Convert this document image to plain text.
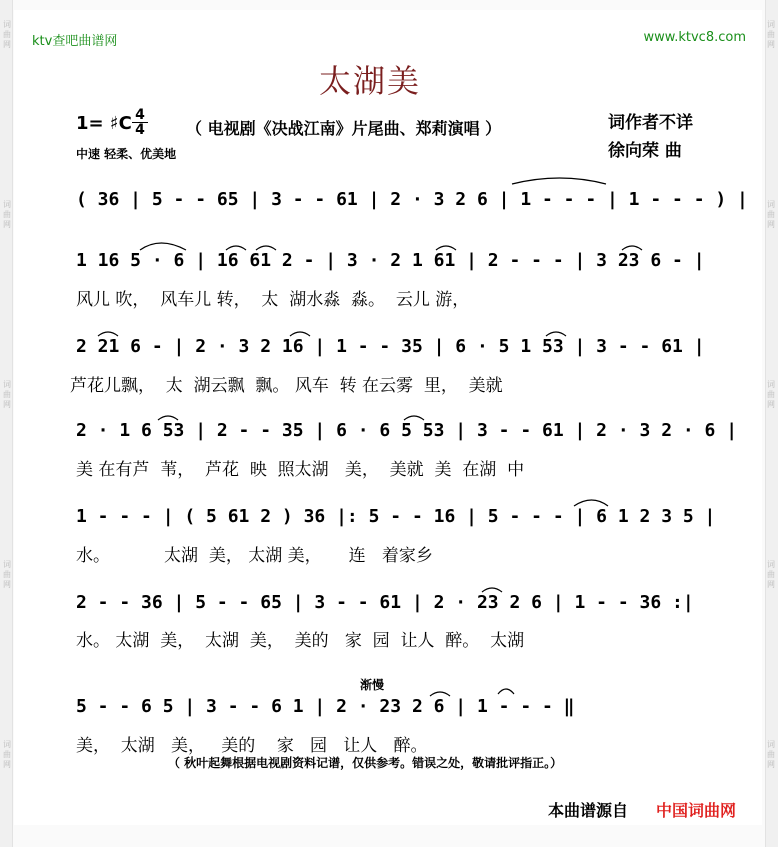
ktv查吧曲谱网	www.ktvc8.com
太湖美
1= ♯C $\frac{4}{4}$ （ 电视剧《决战江南》片尾曲、郑莉演唱 ）
中速 轻柔、优美地
词作者不详
徐向荣 曲
( 36 | 5 - - 65 | 3 - - 61 | 2 · 3 2 6 | 1 - - - | 1 - - - ) |
1 16 5 · 6 | 16 61 2 - | 3 · 2 1 61 | 2 - - - | 3 23 6 - |
风儿 吹，  风车儿 转，  太  湖水淼  淼。  云儿 游，
2 21 6 - | 2 · 3 2 16 | 1 - - 35 | 6 · 5 1 53 | 3 - - 61 |
芦花儿飘，  太  湖云飘  飘。 风车  转 在云雾  里，  美就
2 · 1 6 53 | 2 - - 35 | 6 · 6 5 53 | 3 - - 61 | 2 · 3 2 · 6 |
美 在有芦  苇，  芦花  映  照太湖   美，  美就  美  在湖  中
1 - - - | ( 5 61 2 ) 36 |: 5 - - 16 | 5 - - - | 6 1 2 3 5 |
水。          太湖  美， 太湖 美，     连   着家乡
2 - - 36 | 5 - - 65 | 3 - - 61 | 2 · 23 2 6 | 1 - - 36 :|
水。 太湖  美，  太湖  美，  美的   家  园  让人  醉。  太湖
渐慢
5 - - 6 5 | 3 - - 6 1 | 2 · 23 2 6 | 1 - - - ‖
美，  太湖   美，   美的    家   园   让人   醉。
（ 秋叶起舞根据电视剧资料记谱，仅供参考。错误之处，敬请批评指正。）
本曲谱源自 中国词曲网
词
曲
网
词
曲
网
词
曲
网
词
曲
网
词
曲
网
词
曲
网
词
曲
网
词
曲
网
词
曲
网
词
曲
网
